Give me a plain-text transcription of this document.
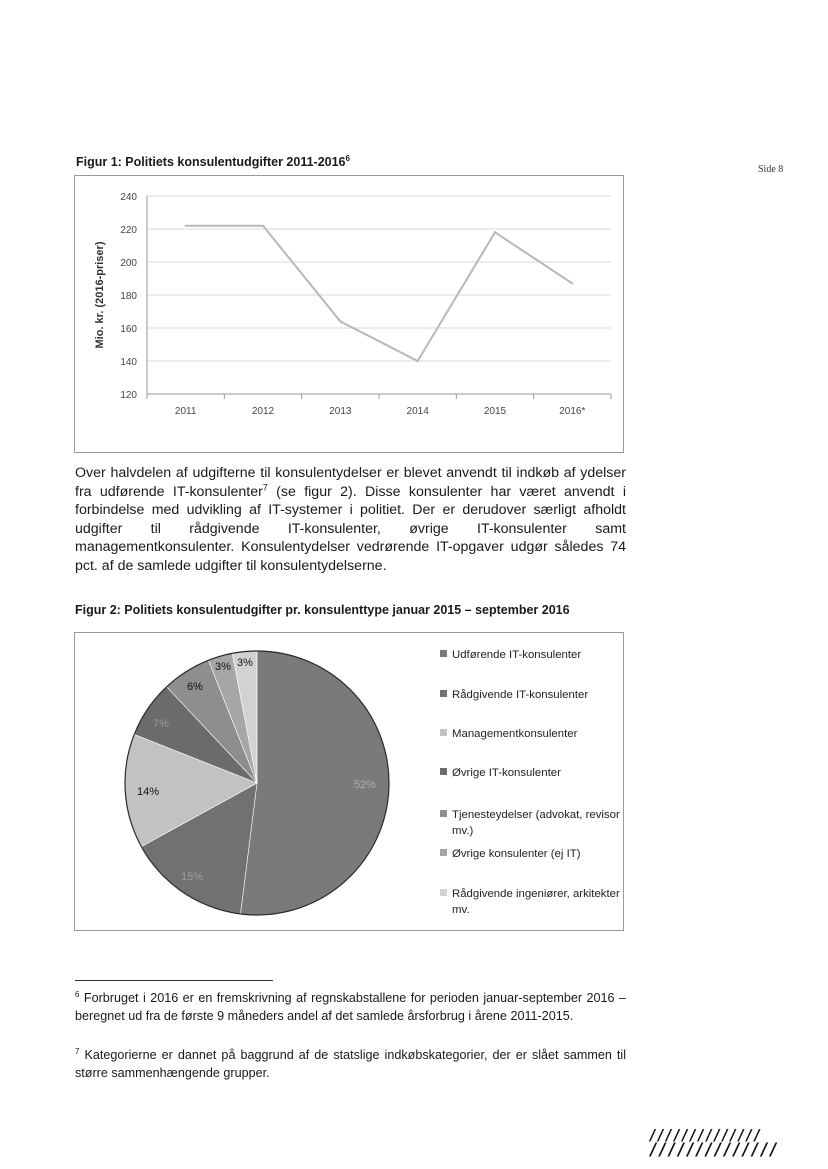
Side 8
Figur 1: Politiets konsulentudgifter 2011-2016$^6$
240
220
200
180
160
140
120
2011	2012	2013	2014	2015	2016*
Mio. kr. (2016-priser)
Over halvdelen af udgifterne til konsulentydelser er blevet anvendt til indkøb af ydelser fra udførende IT-konsulenter$^7$ (se figur 2). Disse konsulenter har været anvendt i forbindelse med udvikling af IT-systemer i politiet. Der er derudover særligt afholdt udgifter til rådgivende IT-konsulenter, øvrige IT-konsulenter samt managementkonsulenter. Konsulentydelser vedrørende IT-opgaver udgør således 74 pct. af de samlede udgifter til konsulentydelserne.
Figur 2: Politiets konsulentudgifter pr. konsulenttype januar 2015 – september 2016
52%
15%
14%
7%
6%
3% 3%
Udførende IT-konsulenter
Rådgivende IT-konsulenter
Managementkonsulenter
Øvrige IT-konsulenter
Tjenesteydelser (advokat, revisor mv.)
Øvrige konsulenter (ej IT)
Rådgivende ingeniører, arkitekter mv.
$^6$ Forbruget i 2016 er en fremskrivning af regnskabstallene for perioden januar-september 2016 – beregnet ud fra de første 9 måneders andel af det samlede årsforbrug i årene 2011-2015.
$^7$ Kategorierne er dannet på baggrund af de statslige indkøbskategorier, der er slået sammen til større sammenhængende grupper.
//////////////
//////////////
